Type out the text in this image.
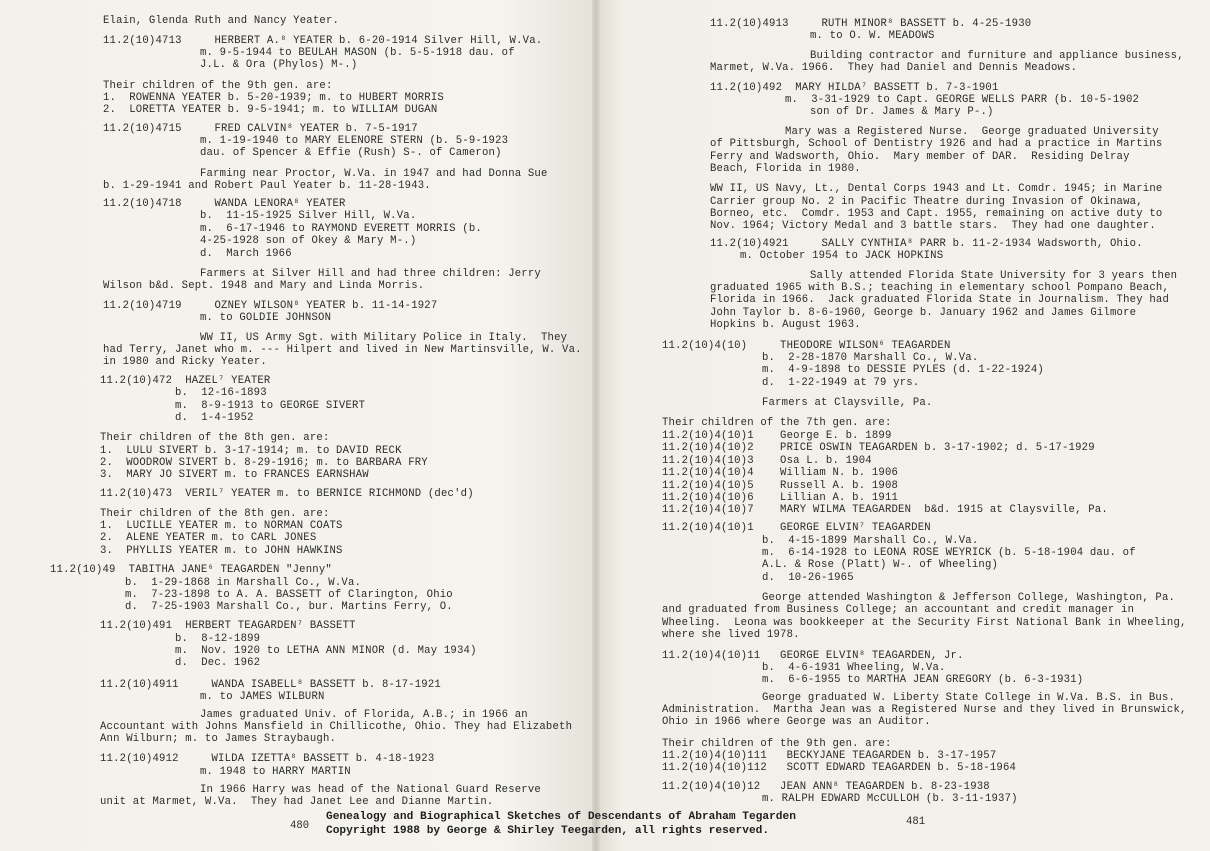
Elain, Glenda Ruth and Nancy Yeater.
11.2(10)4713     HERBERT A.⁸ YEATER b. 6-20-1914 Silver Hill, W.Va.
m. 9-5-1944 to BEULAH MASON (b. 5-5-1918 dau. of
J.L. & Ora (Phylos) M-.)
Their children of the 9th gen. are:
1.  ROWENNA YEATER b. 5-20-1939; m. to HUBERT MORRIS
2.  LORETTA YEATER b. 9-5-1941; m. to WILLIAM DUGAN
11.2(10)4715     FRED CALVIN⁸ YEATER b. 7-5-1917
m. 1-19-1940 to MARY ELENORE STERN (b. 5-9-1923
dau. of Spencer & Effie (Rush) S-. of Cameron)
Farming near Proctor, W.Va. in 1947 and had Donna Sue
b. 1-29-1941 and Robert Paul Yeater b. 11-28-1943.
11.2(10)4718     WANDA LENORA⁸ YEATER
b.  11-15-1925 Silver Hill, W.Va.
m.  6-17-1946 to RAYMOND EVERETT MORRIS (b.
4-25-1928 son of Okey & Mary M-.)
d.  March 1966
Farmers at Silver Hill and had three children: Jerry
Wilson b&d. Sept. 1948 and Mary and Linda Morris.
11.2(10)4719     OZNEY WILSON⁸ YEATER b. 11-14-1927
m. to GOLDIE JOHNSON
WW II, US Army Sgt. with Military Police in Italy.  They
had Terry, Janet who m. --- Hilpert and lived in New Martinsville, W. Va.
in 1980 and Ricky Yeater.
11.2(10)472  HAZEL⁷ YEATER
b.  12-16-1893
m.  8-9-1913 to GEORGE SIVERT
d.  1-4-1952
Their children of the 8th gen. are:
1.  LULU SIVERT b. 3-17-1914; m. to DAVID RECK
2.  WOODROW SIVERT b. 8-29-1916; m. to BARBARA FRY
3.  MARY JO SIVERT m. to FRANCES EARNSHAW
11.2(10)473  VERIL⁷ YEATER m. to BERNICE RICHMOND (dec'd)
Their children of the 8th gen. are:
1.  LUCILLE YEATER m. to NORMAN COATS
2.  ALENE YEATER m. to CARL JONES
3.  PHYLLIS YEATER m. to JOHN HAWKINS
11.2(10)49  TABITHA JANE⁶ TEAGARDEN "Jenny"
b.  1-29-1868 in Marshall Co., W.Va.
m.  7-23-1898 to A. A. BASSETT of Clarington, Ohio
d.  7-25-1903 Marshall Co., bur. Martins Ferry, O.
11.2(10)491  HERBERT TEAGARDEN⁷ BASSETT
b.  8-12-1899
m.  Nov. 1920 to LETHA ANN MINOR (d. May 1934)
d.  Dec. 1962
11.2(10)4911     WANDA ISABELL⁸ BASSETT b. 8-17-1921
m. to JAMES WILBURN
James graduated Univ. of Florida, A.B.; in 1966 an
Accountant with Johns Mansfield in Chillicothe, Ohio. They had Elizabeth
Ann Wilburn; m. to James Straybaugh.
11.2(10)4912     WILDA IZETTA⁸ BASSETT b. 4-18-1923
m. 1948 to HARRY MARTIN
In 1966 Harry was head of the National Guard Reserve
unit at Marmet, W.Va.  They had Janet Lee and Dianne Martin.
11.2(10)4913     RUTH MINOR⁸ BASSETT b. 4-25-1930
m. to O. W. MEADOWS
Building contractor and furniture and appliance business,
Marmet, W.Va. 1966.  They had Daniel and Dennis Meadows.
11.2(10)492  MARY HILDA⁷ BASSETT b. 7-3-1901
m.  3-31-1929 to Capt. GEORGE WELLS PARR (b. 10-5-1902
son of Dr. James & Mary P-.)
Mary was a Registered Nurse.  George graduated University
of Pittsburgh, School of Dentistry 1926 and had a practice in Martins
Ferry and Wadsworth, Ohio.  Mary member of DAR.  Residing Delray
Beach, Florida in 1980.
WW II, US Navy, Lt., Dental Corps 1943 and Lt. Comdr. 1945; in Marine
Carrier group No. 2 in Pacific Theatre during Invasion of Okinawa,
Borneo, etc.  Comdr. 1953 and Capt. 1955, remaining on active duty to
Nov. 1964; Victory Medal and 3 battle stars.  They had one daughter.
11.2(10)4921     SALLY CYNTHIA⁸ PARR b. 11-2-1934 Wadsworth, Ohio.
m. October 1954 to JACK HOPKINS
Sally attended Florida State University for 3 years then
graduated 1965 with B.S.; teaching in elementary school Pompano Beach,
Florida in 1966.  Jack graduated Florida State in Journalism. They had
John Taylor b. 8-6-1960, George b. January 1962 and James Gilmore
Hopkins b. August 1963.
11.2(10)4(10)     THEODORE WILSON⁶ TEAGARDEN
b.  2-28-1870 Marshall Co., W.Va.
m.  4-9-1898 to DESSIE PYLES (d. 1-22-1924)
d.  1-22-1949 at 79 yrs.
Farmers at Claysville, Pa.
Their children of the 7th gen. are:
11.2(10)4(10)1    George E. b. 1899
11.2(10)4(10)2    PRICE OSWIN TEAGARDEN b. 3-17-1902; d. 5-17-1929
11.2(10)4(10)3    Osa L. b. 1904
11.2(10)4(10)4    William N. b. 1906
11.2(10)4(10)5    Russell A. b. 1908
11.2(10)4(10)6    Lillian A. b. 1911
11.2(10)4(10)7    MARY WILMA TEAGARDEN  b&d. 1915 at Claysville, Pa.
11.2(10)4(10)1    GEORGE ELVIN⁷ TEAGARDEN
b.  4-15-1899 Marshall Co., W.Va.
m.  6-14-1928 to LEONA ROSE WEYRICK (b. 5-18-1904 dau. of
A.L. & Rose (Platt) W-. of Wheeling)
d.  10-26-1965
George attended Washington & Jefferson College, Washington, Pa.
and graduated from Business College; an accountant and credit manager in
Wheeling.  Leona was bookkeeper at the Security First National Bank in Wheeling,
where she lived 1978.
11.2(10)4(10)11   GEORGE ELVIN⁸ TEAGARDEN, Jr.
b.  4-6-1931 Wheeling, W.Va.
m.  6-6-1955 to MARTHA JEAN GREGORY (b. 6-3-1931)
George graduated W. Liberty State College in W.Va. B.S. in Bus.
Administration.  Martha Jean was a Registered Nurse and they lived in Brunswick,
Ohio in 1966 where George was an Auditor.
Their children of the 9th gen. are:
11.2(10)4(10)111   BECKYJANE TEAGARDEN b. 3-17-1957
11.2(10)4(10)112   SCOTT EDWARD TEAGARDEN b. 5-18-1964
11.2(10)4(10)12   JEAN ANN⁸ TEAGARDEN b. 8-23-1938
m. RALPH EDWARD McCULLOH (b. 3-11-1937)
480	481
Genealogy and Biographical Sketches of Descendants of Abraham Tegarden
Copyright 1988 by George & Shirley Teegarden, all rights reserved.
